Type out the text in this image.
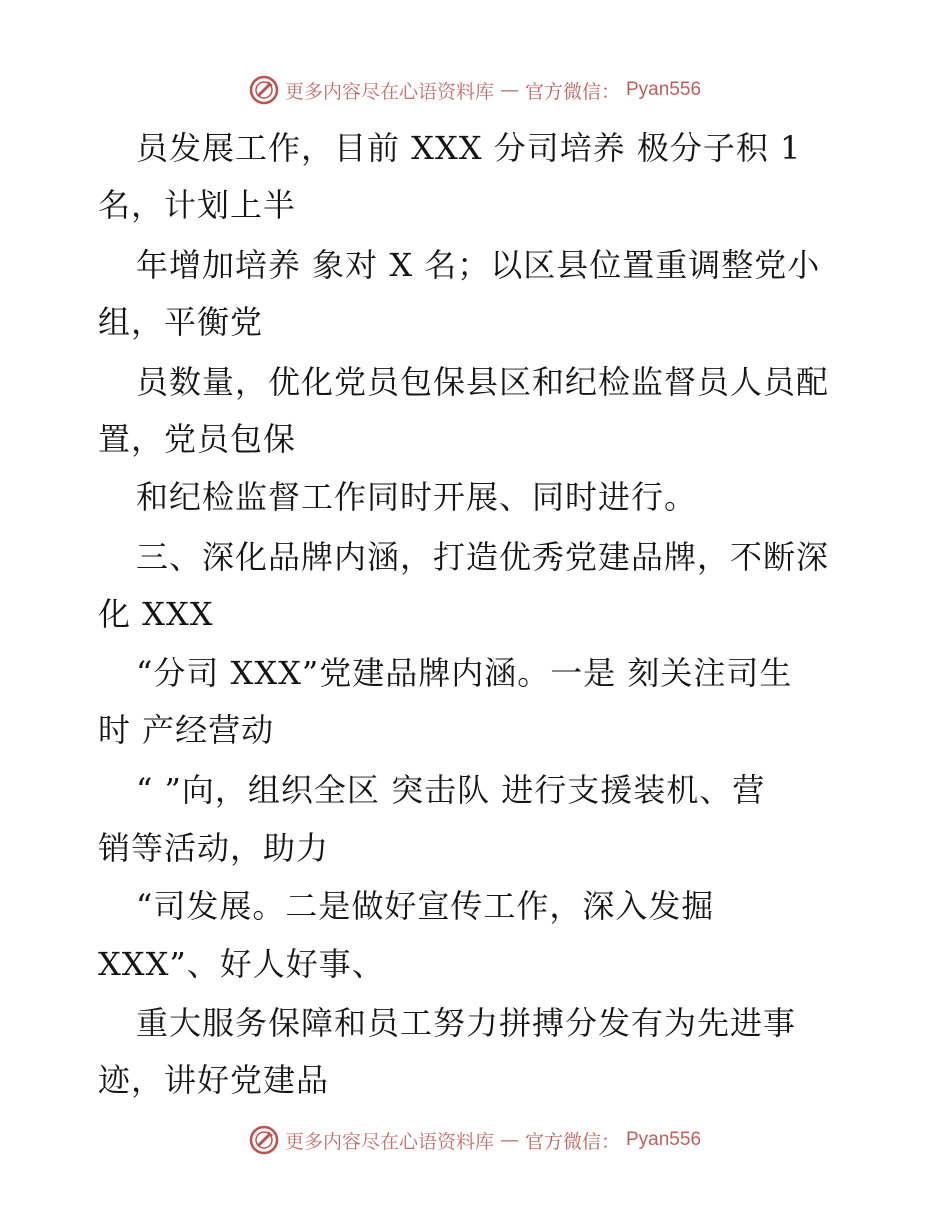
更多内容尽在心语资料库 — 官方微信： Pyan556
员发展工作，目前 XXX 分司培养 极分子积 1
名，计划上半
年增加培养 象对 X 名；以区县位置重调整党小
组，平衡党
员数量，优化党员包保县区和纪检监督员人员配
置，党员包保
和纪检监督工作同时开展、同时进行。
三、深化品牌内涵，打造优秀党建品牌，不断深
化 XXX
“分司 XXX”党建品牌内涵。一是 刻关注司生
时 产经营动
“ ”向，组织全区 突击队 进行支援装机、营
销等活动，助力
“司发展。二是做好宣传工作，深入发掘
XXX”、好人好事、
重大服务保障和员工努力拼搏分发有为先进事
迹，讲好党建品
更多内容尽在心语资料库 — 官方微信： Pyan556
